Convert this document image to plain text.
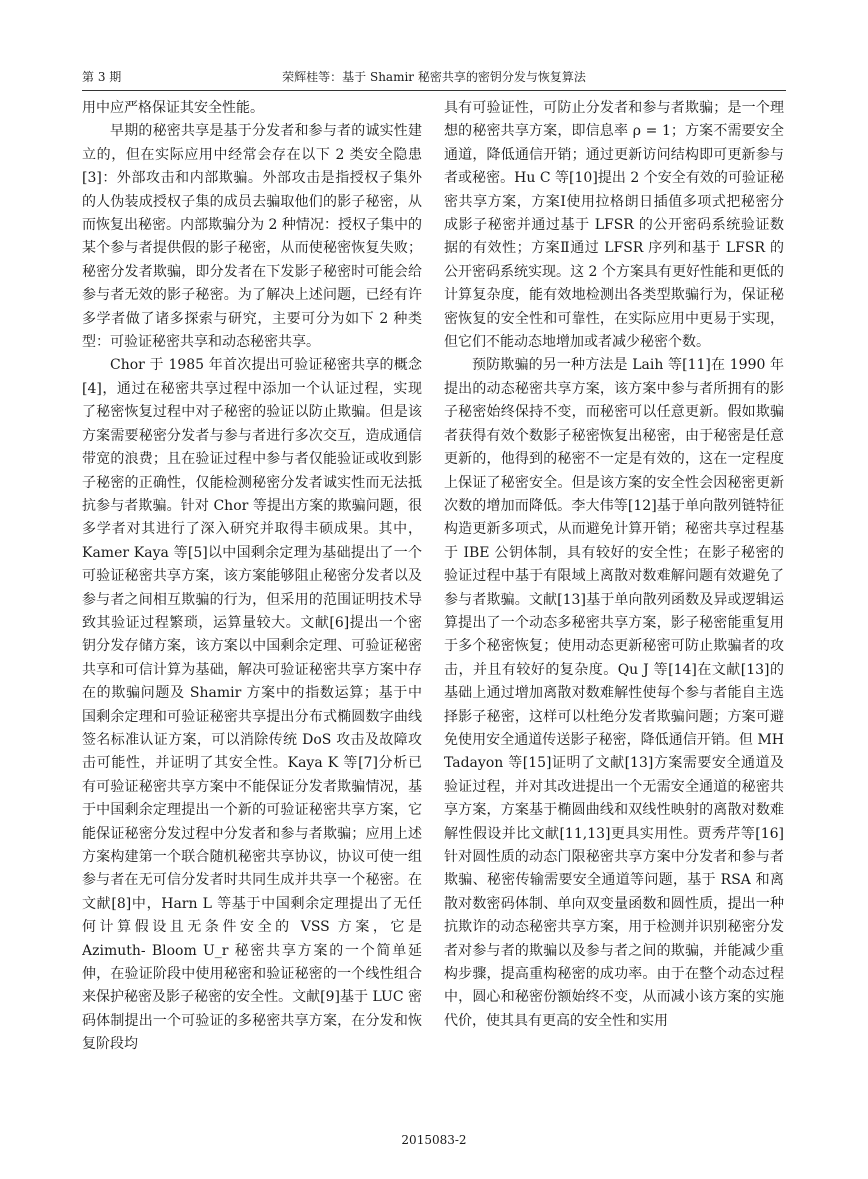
第 3 期	荣辉桂等：基于 Shamir 秘密共享的密钥分发与恢复算法

用中应严格保证其安全性能。

早期的秘密共享是基于分发者和参与者的诚实性建立的，但在实际应用中经常会存在以下 2 类安全隐患[3]：外部攻击和内部欺骗。外部攻击是指授权子集外的人伪装成授权子集的成员去骗取他们的影子秘密，从而恢复出秘密。内部欺骗分为 2 种情况：授权子集中的某个参与者提供假的影子秘密，从而使秘密恢复失败；秘密分发者欺骗，即分发者在下发影子秘密时可能会给参与者无效的影子秘密。为了解决上述问题，已经有许多学者做了诸多探索与研究，主要可分为如下 2 种类型：可验证秘密共享和动态秘密共享。

Chor 于 1985 年首次提出可验证秘密共享的概念[4]，通过在秘密共享过程中添加一个认证过程，实现了秘密恢复过程中对子秘密的验证以防止欺骗。但是该方案需要秘密分发者与参与者进行多次交互，造成通信带宽的浪费；且在验证过程中参与者仅能验证或收到影子秘密的正确性，仅能检测秘密分发者诚实性而无法抵抗参与者欺骗。针对 Chor 等提出方案的欺骗问题，很多学者对其进行了深入研究并取得丰硕成果。其中，Kamer Kaya 等[5]以中国剩余定理为基础提出了一个可验证秘密共享方案，该方案能够阻止秘密分发者以及参与者之间相互欺骗的行为，但采用的范围证明技术导致其验证过程繁琐，运算量较大。文献[6]提出一个密钥分发存储方案，该方案以中国剩余定理、可验证秘密共享和可信计算为基础，解决可验证秘密共享方案中存在的欺骗问题及 Shamir 方案中的指数运算；基于中国剩余定理和可验证秘密共享提出分布式椭圆数字曲线签名标准认证方案，可以消除传统 DoS 攻击及故障攻击可能性，并证明了其安全性。Kaya K 等[7]分析已有可验证秘密共享方案中不能保证分发者欺骗情况，基于中国剩余定理提出一个新的可验证秘密共享方案，它能保证秘密分发过程中分发者和参与者欺骗；应用上述方案构建第一个联合随机秘密共享协议，协议可使一组参与者在无可信分发者时共同生成并共享一个秘密。在文献[8]中，Harn L 等基于中国剩余定理提出了无任何计算假设且无条件安全的 VSS 方案，它是 Azimuth- Bloom U_r 秘密共享方案的一个简单延伸，在验证阶段中使用秘密和验证秘密的一个线性组合来保护秘密及影子秘密的安全性。文献[9]基于 LUC 密码体制提出一个可验证的多秘密共享方案，在分发和恢复阶段均

具有可验证性，可防止分发者和参与者欺骗；是一个理想的秘密共享方案，即信息率 ρ = 1；方案不需要安全通道，降低通信开销；通过更新访问结构即可更新参与者或秘密。Hu C 等[10]提出 2 个安全有效的可验证秘密共享方案，方案Ⅰ使用拉格朗日插值多项式把秘密分成影子秘密并通过基于 LFSR 的公开密码系统验证数据的有效性；方案Ⅱ通过 LFSR 序列和基于 LFSR 的公开密码系统实现。这 2 个方案具有更好性能和更低的计算复杂度，能有效地检测出各类型欺骗行为，保证秘密恢复的安全性和可靠性，在实际应用中更易于实现，但它们不能动态地增加或者减少秘密个数。

预防欺骗的另一种方法是 Laih 等[11]在 1990 年提出的动态秘密共享方案，该方案中参与者所拥有的影子秘密始终保持不变，而秘密可以任意更新。假如欺骗者获得有效个数影子秘密恢复出秘密，由于秘密是任意更新的，他得到的秘密不一定是有效的，这在一定程度上保证了秘密安全。但是该方案的安全性会因秘密更新次数的增加而降低。李大伟等[12]基于单向散列链特征构造更新多项式，从而避免计算开销；秘密共享过程基于 IBE 公钥体制，具有较好的安全性；在影子秘密的验证过程中基于有限域上离散对数难解问题有效避免了参与者欺骗。文献[13]基于单向散列函数及异或逻辑运算提出了一个动态多秘密共享方案，影子秘密能重复用于多个秘密恢复；使用动态更新秘密可防止欺骗者的攻击，并且有较好的复杂度。Qu J 等[14]在文献[13]的基础上通过增加离散对数难解性使每个参与者能自主选择影子秘密，这样可以杜绝分发者欺骗问题；方案可避免使用安全通道传送影子秘密，降低通信开销。但 MH Tadayon 等[15]证明了文献[13]方案需要安全通道及验证过程，并对其改进提出一个无需安全通道的秘密共享方案，方案基于椭圆曲线和双线性映射的离散对数难解性假设并比文献[11,13]更具实用性。贾秀芹等[16]针对圆性质的动态门限秘密共享方案中分发者和参与者欺骗、秘密传输需要安全通道等问题，基于 RSA 和离散对数密码体制、单向双变量函数和圆性质，提出一种抗欺诈的动态秘密共享方案，用于检测并识别秘密分发者对参与者的欺骗以及参与者之间的欺骗，并能减少重构步骤，提高重构秘密的成功率。由于在整个动态过程中，圆心和秘密份额始终不变，从而减小该方案的实施代价，使其具有更高的安全性和实用

2015083-2
